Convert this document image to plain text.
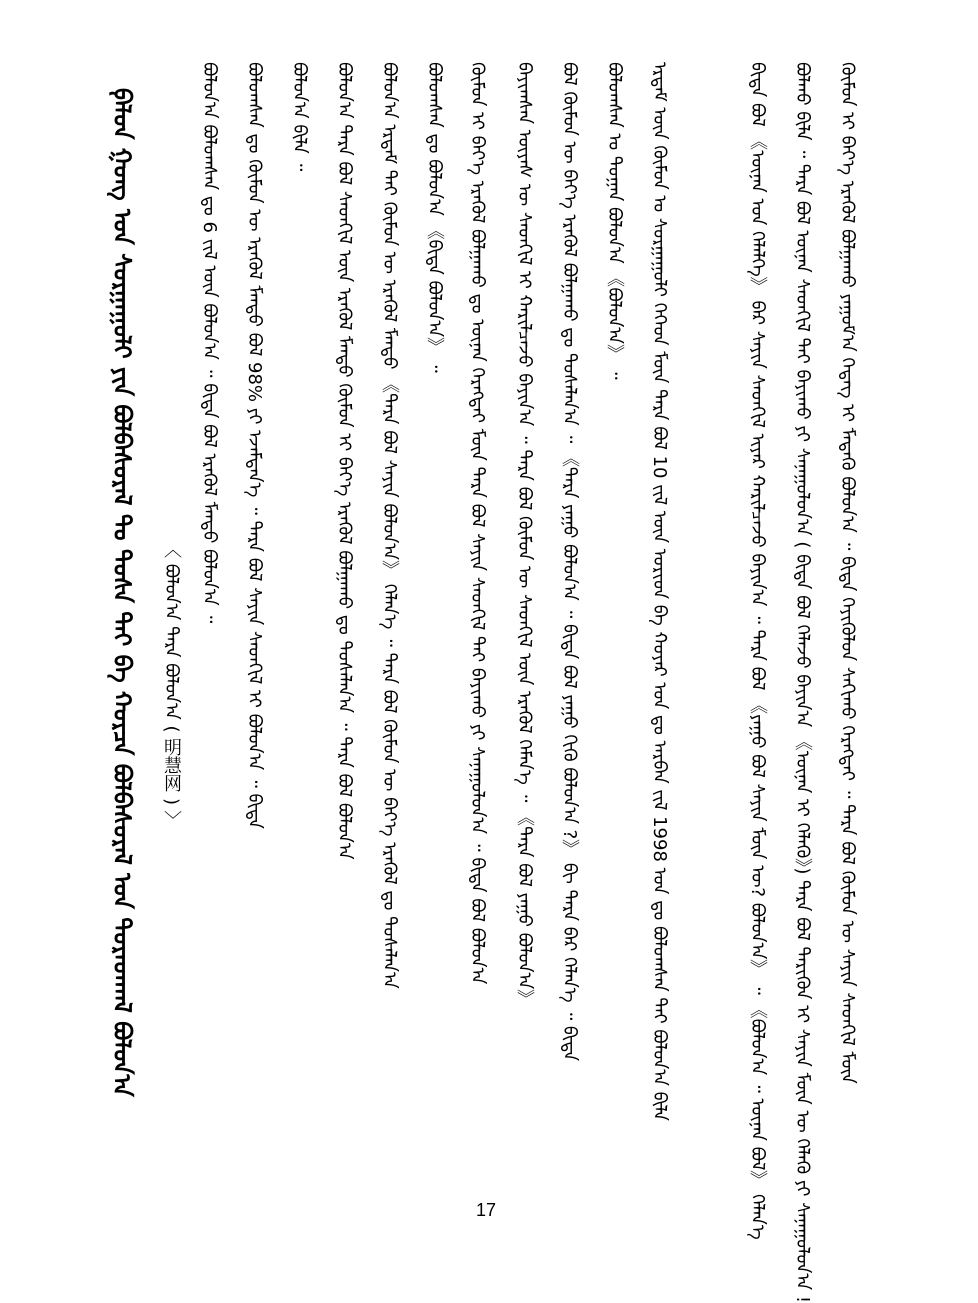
ᠬᠦᠮᠦᠨ ᠢ ᠪᠡᠶ᠎ᠡ ᠡᠷᠡᠭᠦᠯ ᠪᠣᠯᠭᠠᠬᠤ ᠶᠠᠭᠤᠮ᠎ᠠ ᠭᠡᠳᠡᠭ ᠢ ᠮᠡᠳᠡᠬᠦ ᠪᠣᠯᠤᠨ᠎ᠠ ᠃ ᠪᠢᠳᠡ ᠭᠡᠶᠢᠭᠦᠯᠦᠨ ᠰᠠᠬᠢᠬᠤ ᠬᠡᠷᠡᠭᠲᠡᠢ ᠃ ᠲᠡᠷᠡ ᠪᠣᠯ ᠬᠦᠮᠦᠨ ᠦ ᠰᠠᠶᠢᠨ ᠰᠡᠳᠬᠢᠯ ᠮᠥᠨ
ᠪᠣᠯᠬᠤ ᠪᠢᠯᠡ ᠃ ᠲᠡᠷᠡ ᠪᠣᠯ ᠦᠨᠡᠨ ᠰᠡᠳᠬᠢᠯ ᠲᠡᠢ ᠪᠠᠶᠢᠬᠤ ᠶᠢ ᠰᠠᠨᠠᠭᠤᠯᠤᠨ᠎ᠠ ( ᠪᠢᠳᠡ ᠪᠣᠯ ᠬᠡᠯᠡᠵᠦ ᠪᠠᠶᠢᠨ᠎ᠠ 《ᠦᠨᠡᠨ ᠢ ᠬᠡᠯᠡᠬᠦ》) ᠲᠡᠷᠡ ᠪᠣᠯ ᠲᠡᠷᠢᠭᠦᠨ ᠢ ᠰᠠᠶᠢᠨ ᠮᠥᠨ ᠦ ᠬᠡᠯᠡᠬᠦ ᠶᠢ ᠰᠠᠨᠠᠭᠤᠯᠤᠨ᠎ᠠ !
ᠪᠢᠳᠡ ᠪᠣᠯ 《ᠦᠨᠡᠨ ᠤᠨ ᠬᠡᠯᠡᠯᠭᠡ》 ᠪᠠᠷ ᠰᠠᠶᠢᠨ ᠰᠡᠳᠬᠢᠯ ᠢᠶᠡᠷ ᠬᠠᠷᠢᠯᠴᠠᠵᠤ ᠪᠠᠶᠢᠨ᠎ᠠ ᠃ ᠲᠡᠷᠡ ᠪᠣᠯ 《ᠶᠠᠭᠤ ᠪᠣᠯ ᠰᠠᠶᠢᠨ ᠮᠥᠨ ᠦ? ᠪᠣᠯᠤᠨ᠎ᠠ》 ᠃ 《ᠪᠣᠯᠤᠨ᠎ᠠ ᠃ ᠦᠨᠡᠨ ᠪᠣᠯ》 ᠬᠡᠯᠡᠨ᠎ᠡ
ᠡᠷᠳᠡᠮ ᠦᠨ ᠬᠦᠮᠦᠨ ᠤ ᠰᠤᠷᠭᠠᠭᠤᠯᠢ ᠬᠡᠭᠡᠳ ᠮᠥᠨ ᠲᠡᠷᠡ ᠪᠣᠯ 10 ᠵᠢᠯ ᠦᠨ ᠤᠷᠢᠳ ᠪᠠ ᠬᠣᠶᠠᠷ ᠣᠨ ᠳᠤ ᠠᠷᠪᠠᠨ ᠵᠢᠯ 1998 ᠣᠨ ᠳᠤ ᠪᠣᠯᠤᠭᠰᠠᠨ ᠲᠠᠢ ᠪᠣᠯᠤᠨ᠎ᠠ ᠪᠢᠯᠡ
ᠪᠣᠯᠤᠭᠰᠠᠨ ᠤ ᠲᠣᠭᠠᠨ ᠪᠣᠯᠤᠨ᠎ᠠ 《ᠪᠣᠯᠤᠨ᠎ᠠ》 ᠃
ᠪᠣᠯ ᠬᠦᠮᠦᠨ ᠦ ᠪᠡᠶ᠎ᠡ ᠡᠷᠡᠭᠦᠯ ᠪᠣᠯᠭᠠᠬᠤ ᠳᠤ ᠲᠤᠰᠠᠯᠠᠨ᠎ᠠ ᠃ 《ᠲᠡᠷᠡ ᠶᠠᠭᠤ ᠪᠣᠯᠤᠨ᠎ᠠ ᠃ ᠪᠢᠳᠡ ᠪᠣᠯ ᠶᠠᠭᠤ ᠬᠢᠬᠦ ᠪᠣᠯᠤᠨ᠎ᠠ ?》 ᠪᠢ ᠲᠡᠷᠡ ᠪᠠᠷ ᠬᠡᠯᠡᠨ᠎ᠡ ᠃ ᠪᠢᠳᠡ
ᠪᠠᠶᠢᠭᠰᠠᠨ ᠦᠶᠡᠰ ᠦ ᠰᠡᠳᠬᠢᠯ ᠢ ᠬᠠᠷᠢᠯᠴᠠᠵᠤ ᠪᠠᠶᠢᠨ᠎ᠠ ᠃ ᠲᠡᠷᠡ ᠪᠣᠯ ᠬᠦᠮᠦᠨ ᠦ ᠰᠡᠳᠬᠢᠯ ᠦᠨ ᠡᠷᠡᠭᠦᠯ ᠬᠡᠮᠡᠨ᠎ᠡ ᠃ 《ᠲᠡᠷᠡ ᠪᠣᠯ ᠶᠠᠭᠤ ᠪᠣᠯᠤᠨ᠎ᠠ》
ᠬᠦᠮᠦᠨ ᠢ ᠪᠡᠶ᠎ᠡ ᠡᠷᠡᠭᠦᠯ ᠪᠣᠯᠭᠠᠬᠤ ᠳᠤ ᠦᠨᠡᠨ ᠬᠡᠷᠡᠭᠲᠡᠢ ᠮᠥᠨ ᠲᠡᠷᠡ ᠪᠣᠯ ᠰᠠᠶᠢᠨ ᠰᠡᠳᠬᠢᠯ ᠲᠡᠢ ᠪᠠᠶᠢᠬᠤ ᠶᠢ ᠰᠠᠨᠠᠭᠤᠯᠤᠨ᠎ᠠ ᠃ ᠪᠢᠳᠡ ᠪᠣᠯ ᠪᠣᠯᠤᠨ᠎ᠠ
ᠪᠣᠯᠤᠭᠰᠠᠨ ᠳᠤ ᠪᠣᠯᠤᠨ᠎ᠠ 《ᠪᠢᠳᠡ ᠪᠣᠯᠤᠨ᠎ᠠ》 ᠃
ᠪᠣᠯᠤᠨ᠎ᠠ ᠡᠷᠳᠡᠮ ᠲᠡᠢ ᠬᠦᠮᠦᠨ ᠦ ᠡᠷᠡᠭᠦᠯ ᠮᠡᠨᠳᠦ 《ᠲᠡᠷᠡ ᠪᠣᠯ ᠰᠠᠶᠢᠨ ᠪᠣᠯᠤᠨ᠎ᠠ》 ᠬᠡᠯᠡᠨ᠎ᠡ ᠃ ᠲᠡᠷᠡ ᠪᠣᠯ ᠬᠦᠮᠦᠨ ᠦ ᠪᠡᠶ᠎ᠡ ᠡᠷᠡᠭᠦᠯ ᠳᠤ ᠲᠤᠰᠠᠯᠠᠨ᠎ᠠ
ᠪᠣᠯᠤᠨ᠎ᠠ ᠲᠡᠷᠡ ᠪᠣᠯ ᠰᠡᠳᠬᠢᠯ ᠦᠨ ᠡᠷᠡᠭᠦᠯ ᠮᠡᠨᠳᠦ ᠬᠦᠮᠦᠨ ᠢ ᠪᠡᠶ᠎ᠡ ᠡᠷᠡᠭᠦᠯ ᠪᠣᠯᠭᠠᠬᠤ ᠳᠤ ᠲᠤᠰᠠᠯᠠᠨ᠎ᠠ ᠃ ᠲᠡᠷᠡ ᠪᠣᠯ ᠪᠣᠯᠤᠨ᠎ᠠ
ᠪᠣᠯᠤᠨ᠎ᠠ ᠪᠢᠯᠡ ᠃
ᠪᠣᠯᠤᠭᠰᠠᠨ ᠳᠤ ᠬᠦᠮᠦᠨ ᠦ ᠡᠷᠡᠭᠦᠯ ᠮᠡᠨᠳᠦ ᠪᠣᠯ 98% ᠶᠢ ᠡᠵᠡᠮᠳᠡᠨ᠎ᠡ ᠃ ᠲᠡᠷᠡ ᠪᠣᠯ ᠰᠠᠶᠢᠨ ᠰᠡᠳᠬᠢᠯ ᠢ ᠪᠣᠯᠤᠨ᠎ᠠ ᠃ ᠪᠢᠳᠡ
ᠪᠣᠯᠤᠨ᠎ᠠ ᠪᠣᠯᠤᠭᠰᠠᠨ ᠳᠤ 6 ᠵᠢᠯ ᠦᠨ ᠪᠣᠯᠤᠨ᠎ᠠ ᠃ ᠪᠢᠳᠡ ᠪᠣᠯ ᠡᠷᠡᠭᠦᠯ ᠮᠡᠨᠳᠦ ᠪᠣᠯᠤᠨ᠎ᠠ ᠃
〈 ᠪᠣᠯᠤᠨ᠎ᠠ ᠲᠡᠷᠡ ᠪᠣᠯᠤᠨ᠎ᠠ ( 明慧网 ) 〉
ᠹᠠᠯᠦᠨ ᠭᠣᠩ ᠤᠨ ᠰᠤᠷᠭᠠᠭᠤᠯᠢ ᠶᠢᠨ ᠪᠣᠯᠪᠠᠰᠤᠷᠠᠯ ᠲᠤ ᠲᠤᠰᠠ ᠲᠠᠢ ᠪᠠ ᠬᠤᠷᠴᠠ ᠪᠣᠯᠪᠠᠰᠤᠷᠠᠯ ᠤᠨ ᠳᠤᠷᠠᠳᠬᠠᠯ ᠪᠣᠯᠤᠨ᠎ᠠ
17
